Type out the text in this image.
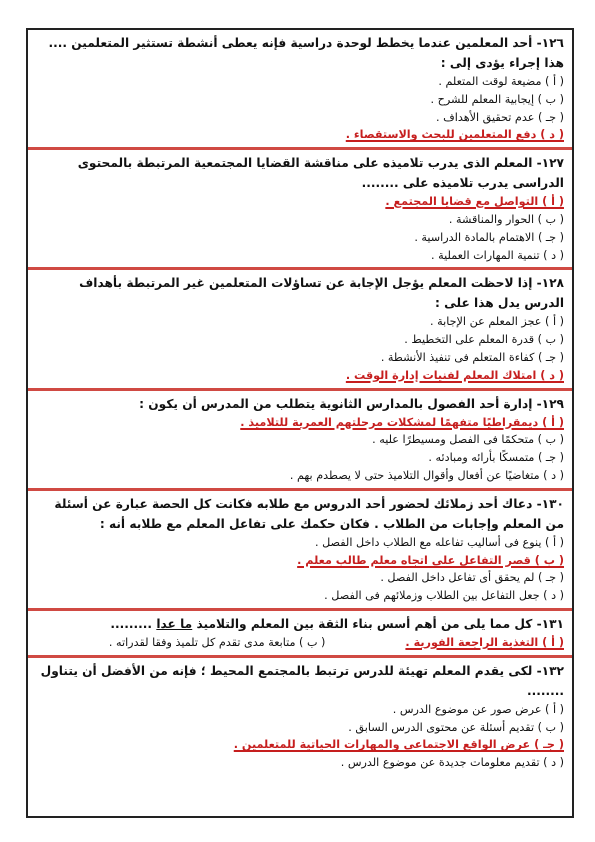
١٢٦- أحد المعلمين عندما يخطط لوحدة دراسية فإنه يعطى أنشطة تستثير المتعلمين .... هذا إجراء يؤدى إلى :

( أ ) مضيعة لوقت المتعلم .

( ب ) إيجابية المعلم للشرح .

( جـ ) عدم تحقيق الأهداف .

( د ) دفع المتعلمين للبحث والاستقصاء .

١٢٧- المعلم الذى يدرب تلاميذه على مناقشة القضايا المجتمعية المرتبطة بالمحتوى الدراسى يدرب تلاميذه على ........

( أ ) التواصل مع قضايا المجتمع .

( ب ) الحوار والمناقشة .

( جـ ) الاهتمام بالمادة الدراسية .

( د ) تنمية المهارات العملية .

١٢٨- إذا لاحظت المعلم يؤجل الإجابة عن تساؤلات المتعلمين غير المرتبطة بأهداف الدرس يدل هذا على :

( أ ) عجز المعلم عن الإجابة .

( ب ) قدرة المعلم على التخطيط .

( جـ ) كفاءة المتعلم فى تنفيذ الأنشطة .

( د ) امتلاك المعلم لفنيات إدارة الوقت .

١٢٩- إدارة أحد الفصول بالمدارس الثانوية يتطلب من المدرس أن يكون :

( أ ) ديمقراطيًا متفهمًا لمشكلات مرحلتهم العمرية للتلاميذ .

( ب ) متحكمًا فى الفصل ومسيطرًا عليه .

( جـ ) متمسكًا بأرائه ومبادئه .

( د ) متغاضيًا عن أفعال وأقوال التلاميذ حتى لا يصطدم بهم .

١٣٠- دعاك أحد زملائك لحضور أحد الدروس مع طلابه فكانت كل الحصة عبارة عن أسئلة من المعلم وإجابات من الطلاب . فكان حكمك على تفاعل المعلم مع طلابه أنه :

( أ ) ينوع فى أساليب تفاعله مع الطلاب داخل الفصل .

( ب ) قصر التفاعل على اتجاه معلم طالب معلم .

( جـ ) لم يحقق أى تفاعل داخل الفصل .

( د ) جعل التفاعل بين الطلاب وزملائهم فى الفصل .

١٣١- كل مما يلى من أهم أسس بناء الثقة بين المعلم والتلاميذ ما عدا .........

( أ ) التغذية الراجعة الفورية .

( ب ) متابعة مدى تقدم كل تلميذ وفقا لقدراته .

١٣٢- لكى يقدم المعلم تهيئة للدرس ترتبط بالمجتمع المحيط ؛ فإنه من الأفضل أن يتناول ........

( أ ) عرض صور عن موضوع الدرس .

( ب ) تقديم أسئلة عن محتوى الدرس السابق .

( جـ ) عرض الواقع الاجتماعى والمهارات الحياتية للمتعلمين .

( د ) تقديم معلومات جديدة عن موضوع الدرس .
